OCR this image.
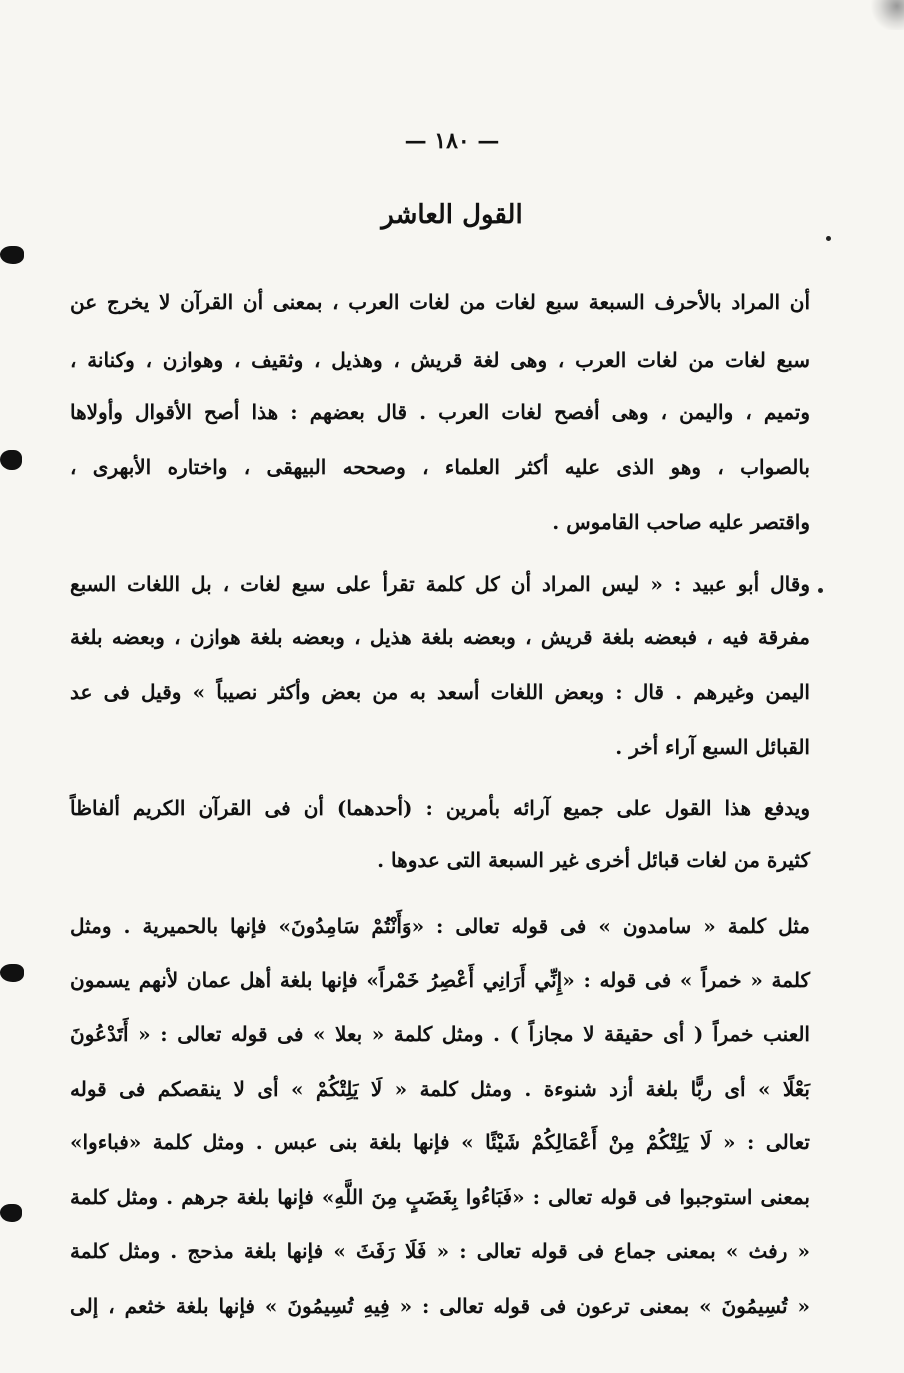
— ١٨٠ —
القول العاشر
أن المراد بالأحرف السبعة سبع لغات من لغات العرب ، بمعنى أن القرآن لا يخرج عن
سبع لغات من لغات العرب ، وهى لغة قريش ، وهذيل ، وثقيف ، وهوازن ، وكنانة ،
وتميم ، واليمن ، وهى أفصح لغات العرب . قال بعضهم : هذا أصح الأقوال وأولاها
بالصواب ، وهو الذى عليه أكثر العلماء ، وصححه البيهقى ، واختاره الأبهرى ،
واقتصر عليه صاحب القاموس .
وقال أبو عبيد : « ليس المراد أن كل كلمة تقرأ على سبع لغات ، بل اللغات السبع
مفرقة فيه ، فبعضه بلغة قريش ، وبعضه بلغة هذيل ، وبعضه بلغة هوازن ، وبعضه بلغة
اليمن وغيرهم . قال : وبعض اللغات أسعد به من بعض وأكثر نصيباً » وقيل فى عد
القبائل السبع آراء أخر .
ويدفع هذا القول على جميع آرائه بأمرين : (أحدهما) أن فى القرآن الكريم ألفاظاً
كثيرة من لغات قبائل أخرى غير السبعة التى عدوها .
مثل كلمة « سامدون » فى قوله تعالى : «وَأَنْتُمْ سَامِدُونَ» فإنها بالحميرية . ومثل
كلمة « خمراً » فى قوله : «إِنِّي أَرَانِي أَعْصِرُ خَمْراً» فإنها بلغة أهل عمان لأنهم يسمون
العنب خمراً ( أى حقيقة لا مجازاً ) . ومثل كلمة « بعلا » فى قوله تعالى : « أَتَدْعُونَ
بَعْلًا » أى ربًّا بلغة أزد شنوءة . ومثل كلمة « لَا يَلِتْكُمْ » أى لا ينقصكم فى قوله
تعالى : « لَا يَلِتْكُمْ مِنْ أَعْمَالِكُمْ شَيْئًا » فإنها بلغة بنى عبس . ومثل كلمة «فباءوا»
بمعنى استوجبوا فى قوله تعالى : «فَبَاءُوا بِغَضَبٍ مِنَ اللَّهِ» فإنها بلغة جرهم . ومثل كلمة
« رفث » بمعنى جماع فى قوله تعالى : « فَلَا رَفَثَ » فإنها بلغة مذحج . ومثل كلمة
« تُسِيمُونَ » بمعنى ترعون فى قوله تعالى : « فِيهِ تُسِيمُونَ » فإنها بلغة خثعم ، إلى
